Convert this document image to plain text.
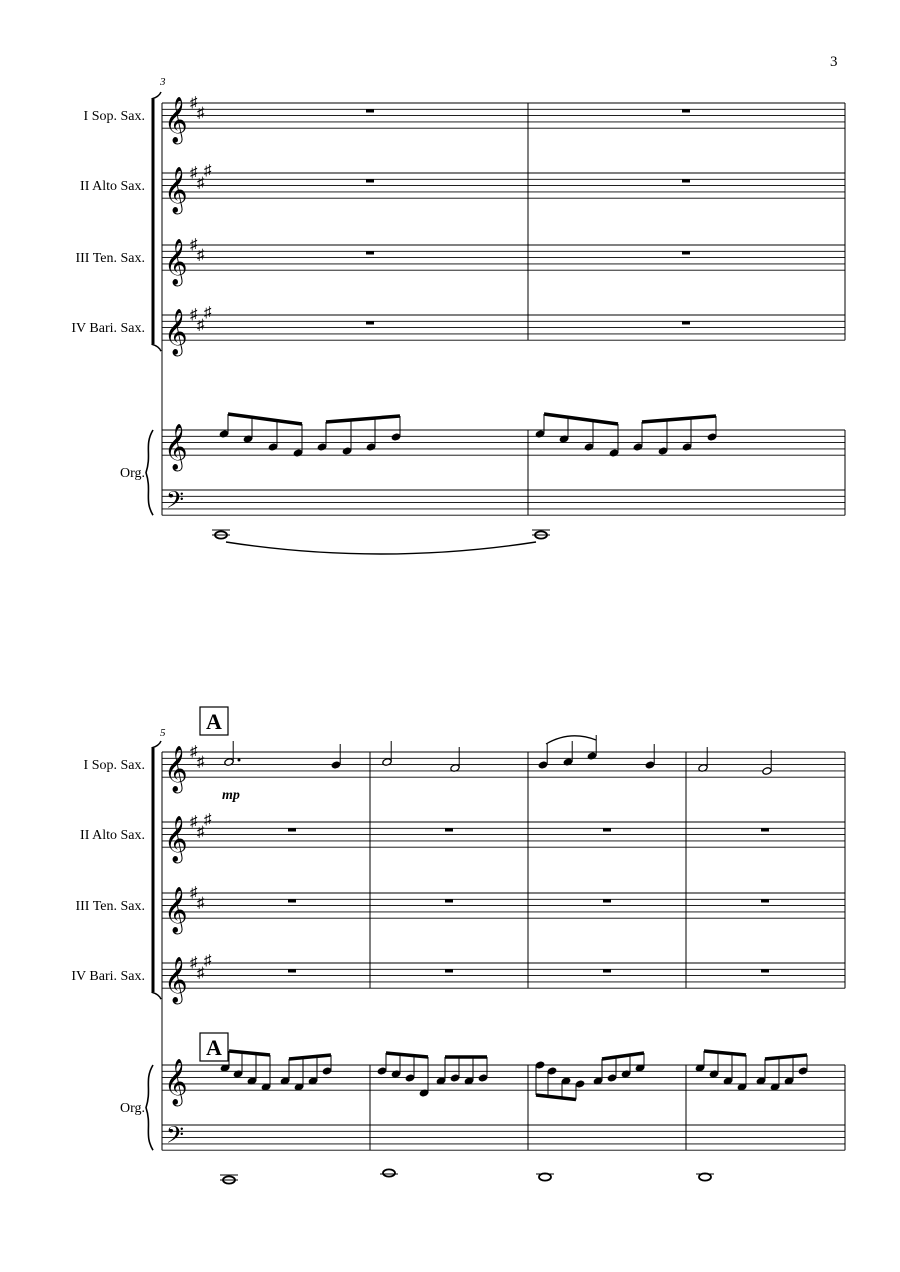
3
𝄞 ♯
♯
I Sop. Sax.
𝄞 ♯
♯
♯
II Alto Sax.
𝄞 ♯
♯
III Ten. Sax.
𝄞 ♯
♯
♯
IV Bari. Sax.
𝄞
𝄢
Org.
3
𝄞 ♯
♯
I Sop. Sax.
𝄞 ♯
♯
♯
II Alto Sax.
𝄞 ♯
♯
III Ten. Sax.
𝄞 ♯
♯
♯
IV Bari. Sax.
𝄞
𝄢
Org.
5 A
A
mp
